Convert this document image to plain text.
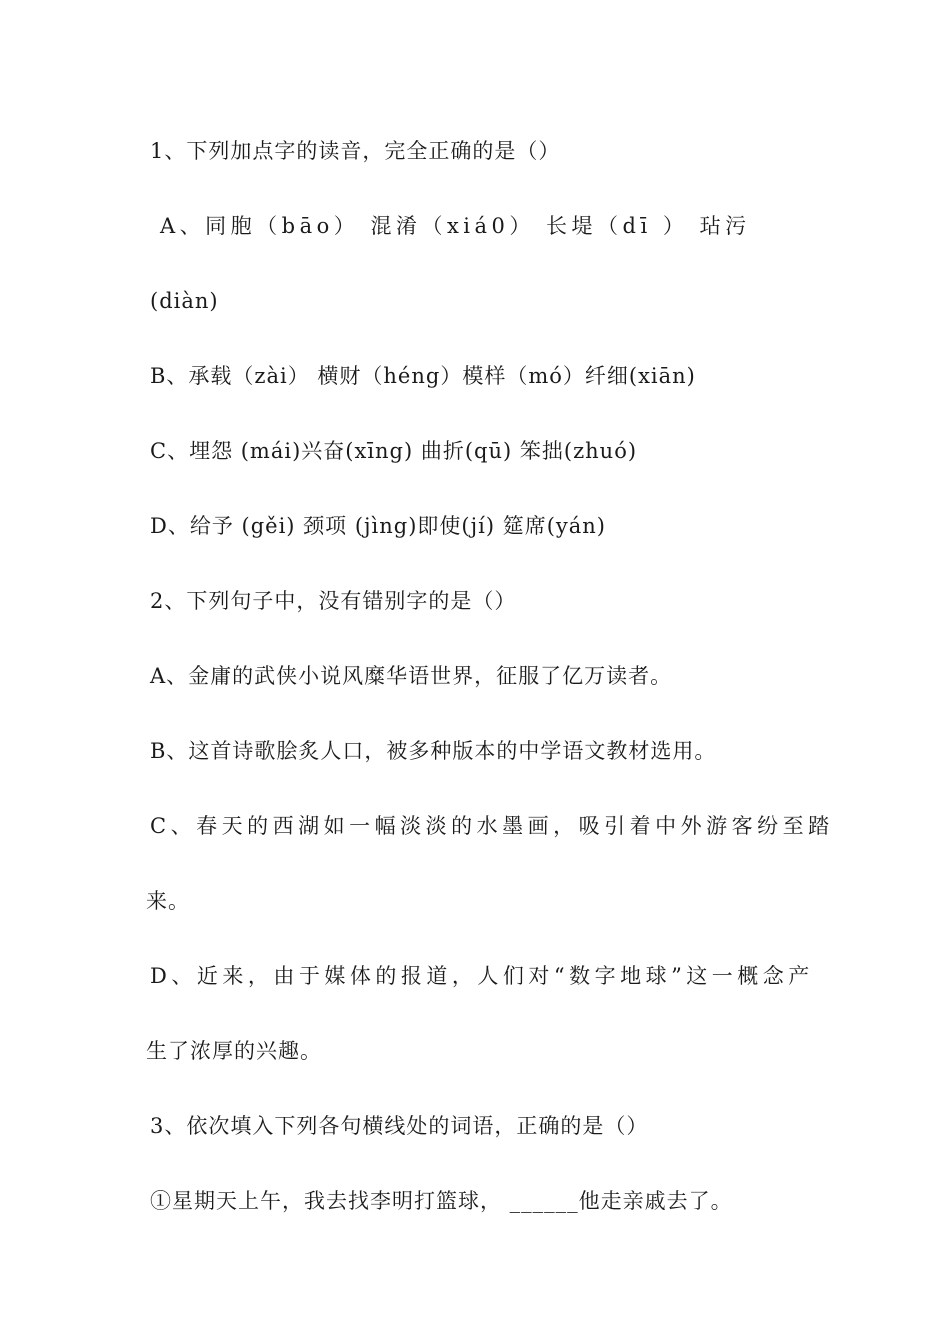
1、下列加点字的读音，完全正确的是（）
A、同胞（bāo） 混淆（xiá0） 长堤（dī ） 玷污
(diàn)
B、承载（zài） 横财（héng）模样（mó）纤细(xiān)
C、埋怨 (mái)兴奋(xīng) 曲折(qū) 笨拙(zhuó)
D、给予 (gěi) 颈项 (jìng)即使(jí) 筵席(yán)
2、下列句子中，没有错别字的是（）
A、金庸的武侠小说风糜华语世界，征服了亿万读者。
B、这首诗歌脍炙人口，被多种版本的中学语文教材选用。
C、春天的西湖如一幅淡淡的水墨画，吸引着中外游客纷至踏
来。
D、近来，由于媒体的报道，人们对“数字地球”这一概念产
生了浓厚的兴趣。
3、依次填入下列各句横线处的词语，正确的是（）
①星期天上午，我去找李明打篮球， ______他走亲戚去了。
